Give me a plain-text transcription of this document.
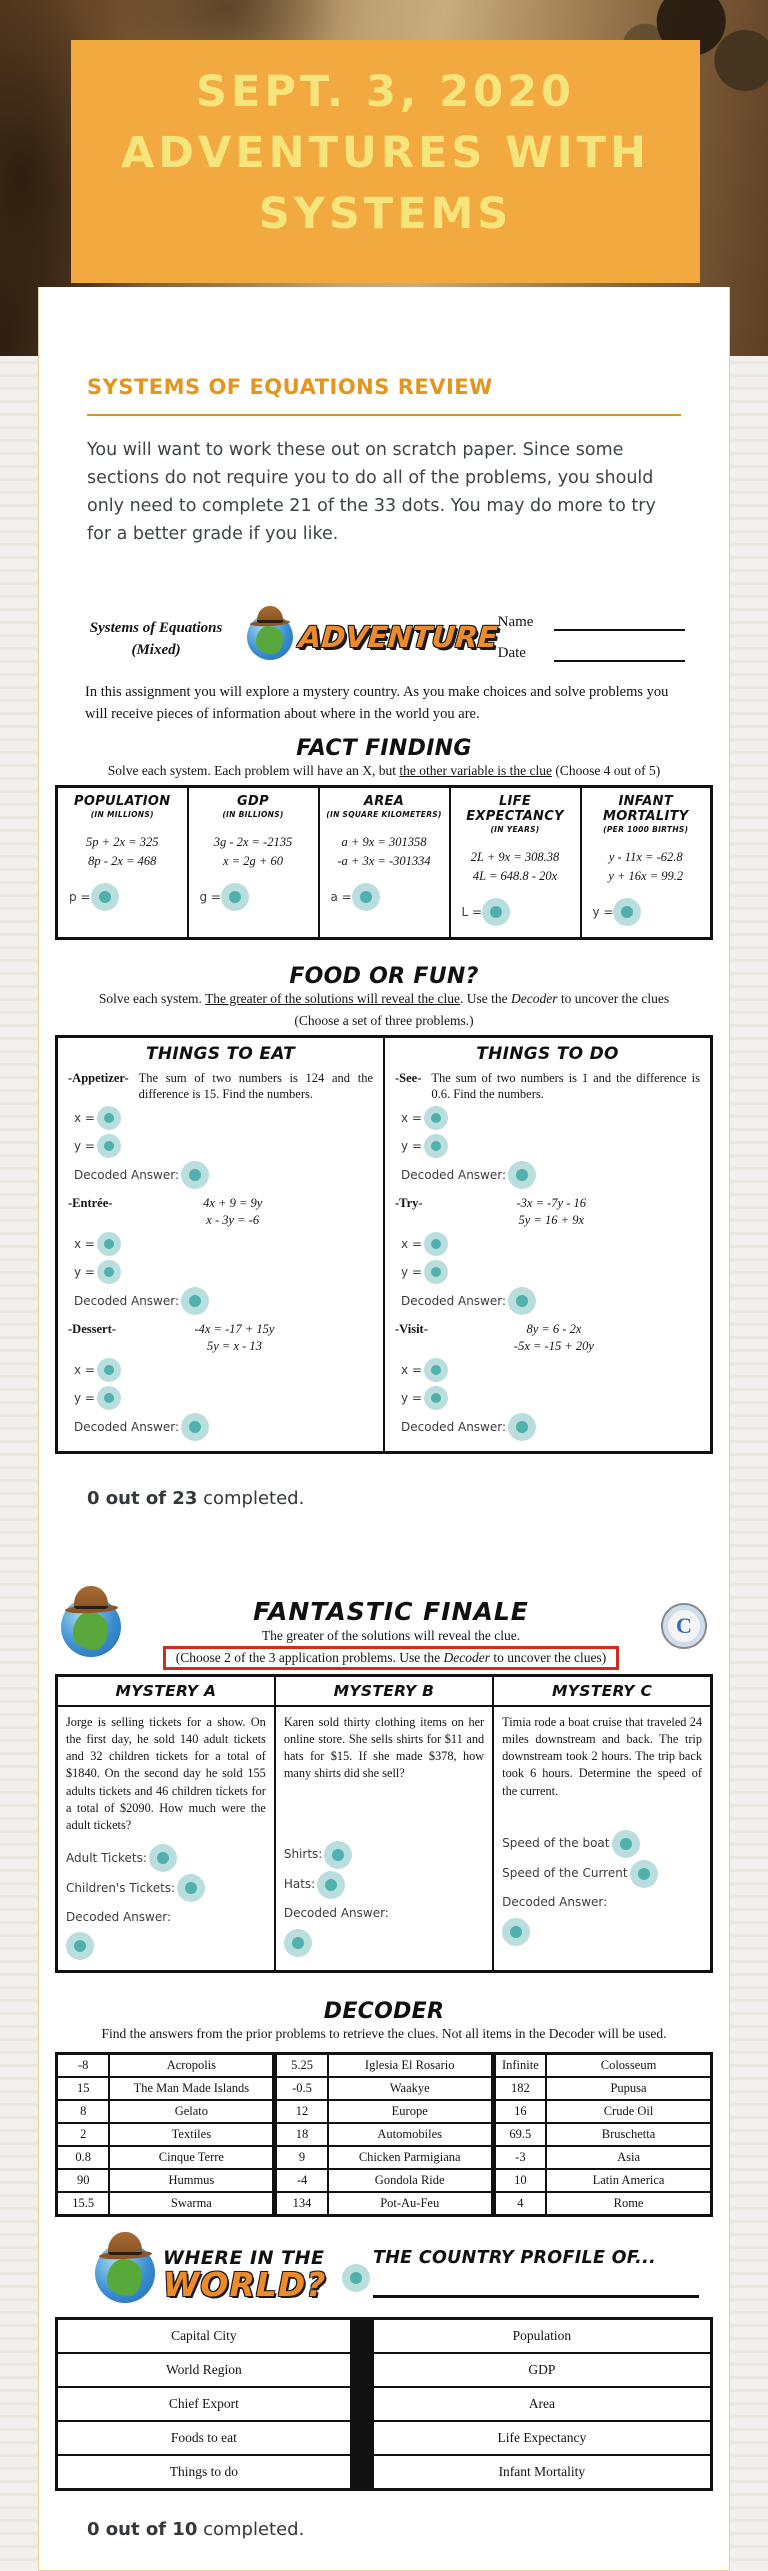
SEPT. 3, 2020
ADVENTURES WITH
SYSTEMS
SYSTEMS OF EQUATIONS REVIEW

You will want to work these out on scratch paper. Since some sections do not require you to do all of the problems, you should only need to complete 21 of the 33 dots. You may do more to try for a better grade if you like.

Systems of Equations
(Mixed)	ADVENTURE
Name
Date

In this assignment you will explore a mystery country. As you make choices and solve problems you will receive pieces of information about where in the world you are.

FACT FINDING

Solve each system. Each problem will have an X, but the other variable is the clue (Choose 4 out of 5)

POPULATION
(IN MILLIONS)
5p + 2x = 325
8p - 2x = 468
p =

GDP
(IN BILLIONS)
3g - 2x = -2135
x = 2g + 60
g =

AREA
(IN SQUARE KILOMETERS)
a + 9x = 301358
-a + 3x = -301334
a =

LIFE EXPECTANCY
(IN YEARS)
2L + 9x = 308.38
4L = 648.8 - 20x
L =

INFANT MORTALITY
(PER 1000 BIRTHS)
y - 11x = -62.8
y + 16x = 99.2
y =
FOOD OR FUN?

Solve each system. The greater of the solutions will reveal the clue. Use the Decoder to uncover the clues

(Choose a set of three problems.)

THINGS TO EAT
-Appetizer- The sum of two numbers is 124 and the difference is 15. Find the numbers.
x =
y =
Decoded Answer:
-Entrée-	4x + 9 = 9y
x - 3y = -6
x =
y =
Decoded Answer:
-Dessert-	-4x = -17 + 15y
5y = x - 13
x =
y =
Decoded Answer:

THINGS TO DO
-See- The sum of two numbers is 1 and the difference is 0.6. Find the numbers.
x =
y =
Decoded Answer:
-Try-	-3x = -7y - 16
5y = 16 + 9x
x =
y =
Decoded Answer:
-Visit-	8y = 6 - 2x
-5x = -15 + 20y
x =
y =
Decoded Answer:

0 out of 23 completed.

FANTASTIC FINALE
The greater of the solutions will reveal the clue.
(Choose 2 of the 3 application problems. Use the Decoder to uncover the clues)
C
MYSTERY A
Jorge is selling tickets for a show. On the first day, he sold 140 adult tickets and 32 children tickets for a total of $1840. On the second day he sold 155 adults tickets and 46 children tickets for a total of $2090. How much were the adult tickets?
Adult Tickets:
Children's Tickets:
Decoded Answer:

MYSTERY B
Karen sold thirty clothing items on her online store. She sells shirts for $11 and hats for $15. If she made $378, how many shirts did she sell?
Shirts:
Hats:
Decoded Answer:

MYSTERY C
Timia rode a boat cruise that traveled 24 miles downstream and back. The trip downstream took 2 hours. The trip back took 6 hours. Determine the speed of the current.
Speed of the boat
Speed of the Current
Decoded Answer:
DECODER

Find the answers from the prior problems to retrieve the clues. Not all items in the Decoder will be used.

-8	Acropolis	5.25	Iglesia El Rosario	Infinite	Colosseum
15	The Man Made Islands	-0.5	Waakye	182	Pupusa
8	Gelato	12	Europe	16	Crude Oil
2	Textiles	18	Automobiles	69.5	Bruschetta
0.8	Cinque Terre	9	Chicken Parmigiana	-3	Asia
90	Hummus	-4	Gondola Ride	10	Latin America
15.5	Swarma	134	Pot-Au-Feu	4	Rome
WHERE IN THE
WORLD?
THE COUNTRY PROFILE OF...
Capital City		Population
World Region		GDP
Chief Export		Area
Foods to eat		Life Expectancy
Things to do		Infant Mortality

0 out of 10 completed.
